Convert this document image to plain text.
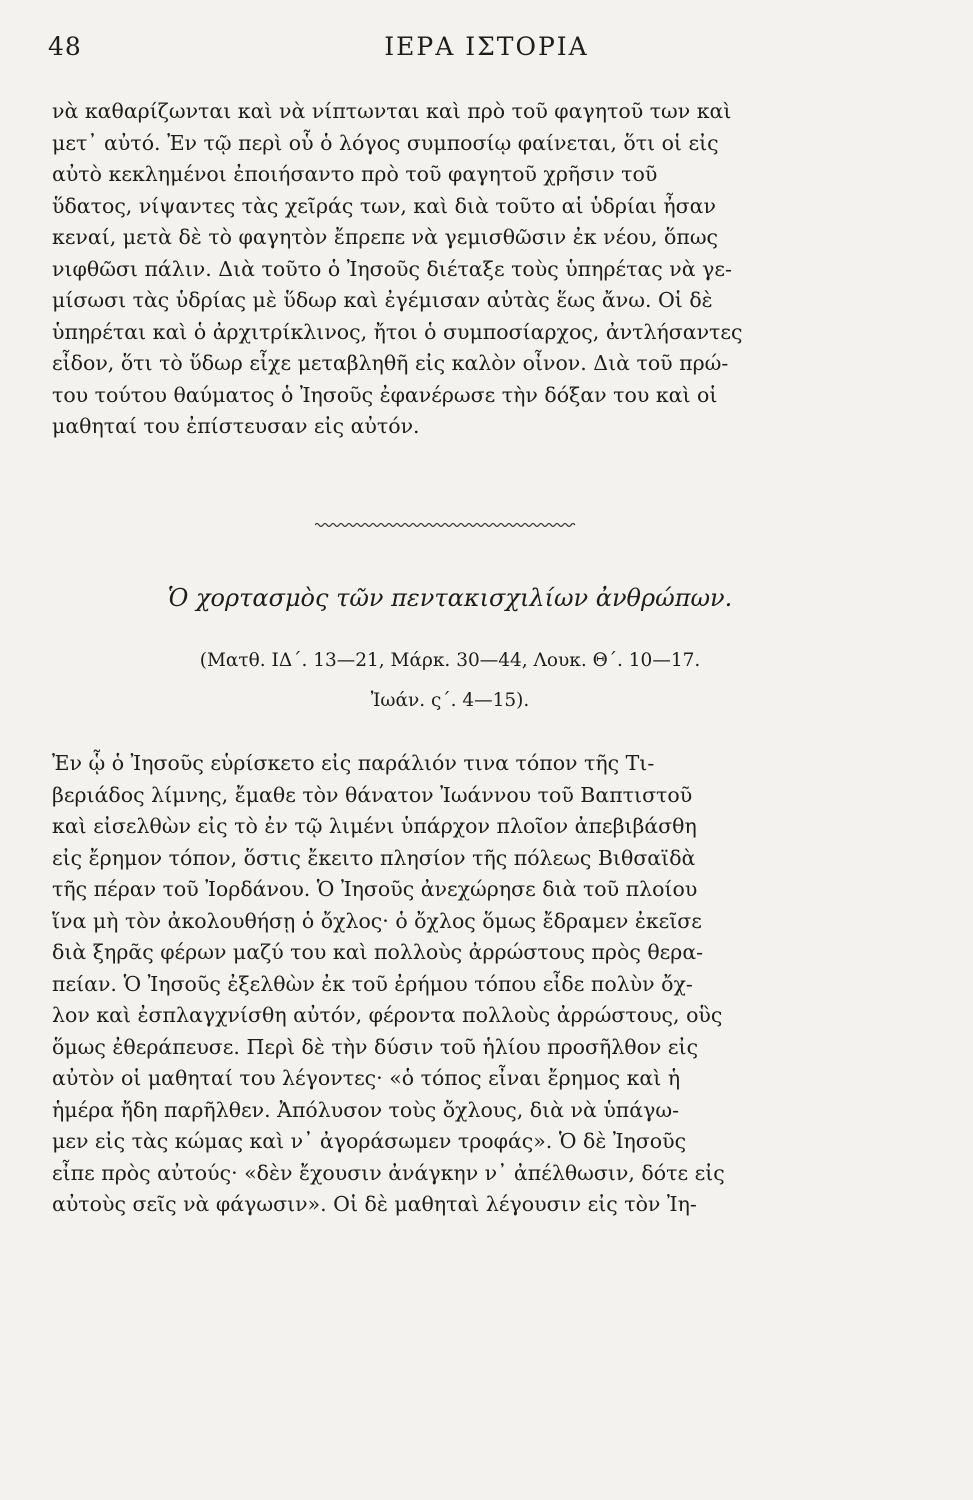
48	ΙΕΡΑ ΙΣΤΟΡΙΑ
νὰ καθαρίζωνται καὶ νὰ νίπτωνται καὶ πρὸ τοῦ φαγητοῦ των καὶ
μετ᾽ αὐτό. Ἐν τῷ περὶ οὗ ὁ λόγος συμποσίῳ φαίνεται, ὅτι οἱ εἰς
αὐτὸ κεκλημένοι ἐποιήσαντο πρὸ τοῦ φαγητοῦ χρῆσιν τοῦ
ὕδατος, νίψαντες τὰς χεῖράς των, καὶ διὰ τοῦτο αἱ ὑδρίαι ἦσαν
κεναί, μετὰ δὲ τὸ φαγητὸν ἔπρεπε νὰ γεμισθῶσιν ἐκ νέου, ὅπως
νιφθῶσι πάλιν. Διὰ τοῦτο ὁ Ἰησοῦς διέταξε τοὺς ὑπηρέτας νὰ γε-
μίσωσι τὰς ὑδρίας μὲ ὕδωρ καὶ ἐγέμισαν αὐτὰς ἕως ἄνω. Οἱ δὲ
ὑπηρέται καὶ ὁ ἀρχιτρίκλινος, ἤτοι ὁ συμποσίαρχος, ἀντλήσαντες
εἶδον, ὅτι τὸ ὕδωρ εἶχε μεταβληθῆ εἰς καλὸν οἶνον. Διὰ τοῦ πρώ-
του τούτου θαύματος ὁ Ἰησοῦς ἐφανέρωσε τὴν δόξαν του καὶ οἱ
μαθηταί του ἐπίστευσαν εἰς αὐτόν.
Ὁ χορτασμὸς τῶν πεντακισχιλίων ἀνθρώπων.
(Ματθ. ΙΔ΄. 13—21, Μάρκ. 30—44, Λουκ. Θ΄. 10—17.
Ἰωάν. ς΄. 4—15).
Ἐν ᾧ ὁ Ἰησοῦς εὑρίσκετο εἰς παράλιόν τινα τόπον τῆς Τι-
βεριάδος λίμνης, ἔμαθε τὸν θάνατον Ἰωάννου τοῦ Βαπτιστοῦ
καὶ εἰσελθὼν εἰς τὸ ἐν τῷ λιμένι ὑπάρχον πλοῖον ἀπεβιβάσθη
εἰς ἔρημον τόπον, ὅστις ἔκειτο πλησίον τῆς πόλεως Βιθσαϊδὰ
τῆς πέραν τοῦ Ἰορδάνου. Ὁ Ἰησοῦς ἀνεχώρησε διὰ τοῦ πλοίου
ἵνα μὴ τὸν ἀκολουθήσῃ ὁ ὄχλος· ὁ ὄχλος ὅμως ἔδραμεν ἐκεῖσε
διὰ ξηρᾶς φέρων μαζύ του καὶ πολλοὺς ἀρρώστους πρὸς θερα-
πείαν. Ὁ Ἰησοῦς ἐξελθὼν ἐκ τοῦ ἐρήμου τόπου εἶδε πολὺν ὄχ-
λον καὶ ἐσπλαγχνίσθη αὐτόν, φέροντα πολλοὺς ἀρρώστους, οὓς
ὅμως ἐθεράπευσε. Περὶ δὲ τὴν δύσιν τοῦ ἡλίου προσῆλθον εἰς
αὐτὸν οἱ μαθηταί του λέγοντες· «ὁ τόπος εἶναι ἔρημος καὶ ἡ
ἡμέρα ἤδη παρῆλθεν. Ἀπόλυσον τοὺς ὄχλους, διὰ νὰ ὑπάγω-
μεν εἰς τὰς κώμας καὶ ν᾽ ἀγοράσωμεν τροφάς». Ὁ δὲ Ἰησοῦς
εἶπε πρὸς αὐτούς· «δὲν ἔχουσιν ἀνάγκην ν᾽ ἀπέλθωσιν, δότε εἰς
αὐτοὺς σεῖς νὰ φάγωσιν». Οἱ δὲ μαθηταὶ λέγουσιν εἰς τὸν Ἰη-
